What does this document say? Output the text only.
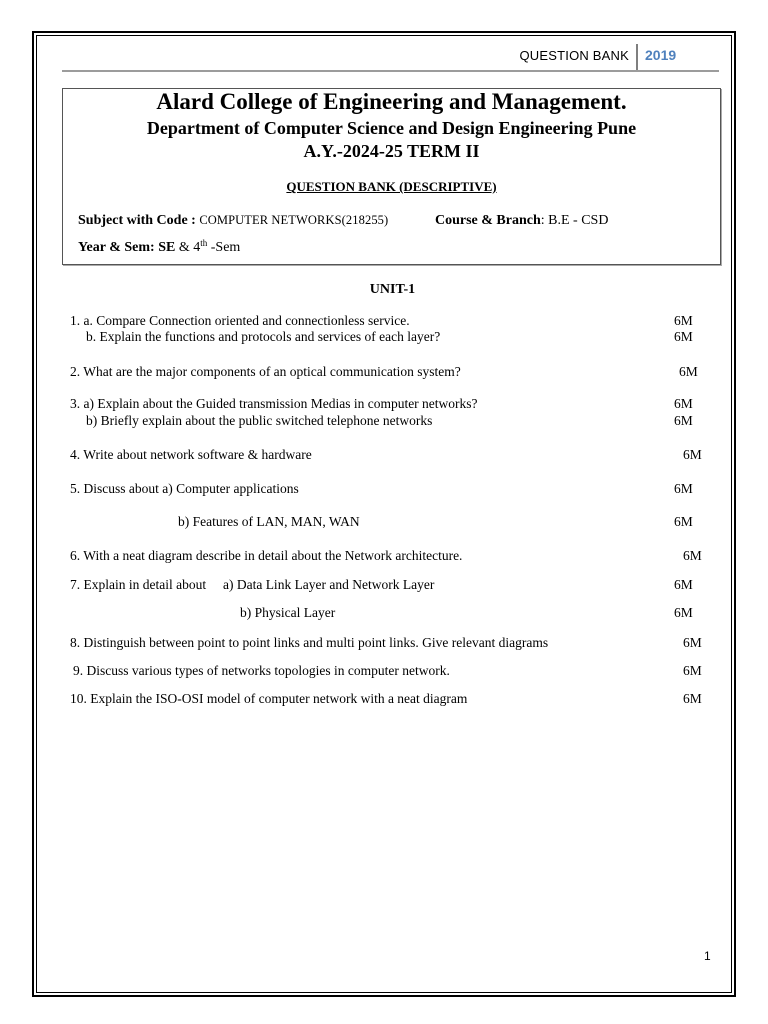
QUESTION BANK 2019
Alard College of Engineering and Management.
Department of Computer Science and Design Engineering Pune
A.Y.-2024-25 TERM II
QUESTION BANK (DESCRIPTIVE)
Subject with Code : COMPUTER NETWORKS(218255)	Course & Branch: B.E - CSD
Year & Sem: SE & 4th -Sem
UNIT-1
1. a. Compare Connection oriented and connectionless service.	6M
b. Explain the functions and protocols and services of each layer?	6M
2. What are the major components of an optical communication system?	6M
3. a) Explain about the Guided transmission Medias in computer networks?	6M
b) Briefly explain about the public switched telephone networks	6M
4. Write about network software & hardware	6M
5. Discuss about a) Computer applications	6M
b) Features of LAN, MAN, WAN	6M
6. With a neat diagram describe in detail about the Network architecture.	6M
7. Explain in detail about     a) Data Link Layer and Network Layer	6M
b) Physical Layer	6M
8. Distinguish between point to point links and multi point links. Give relevant diagrams	6M
9. Discuss various types of networks topologies in computer network.	6M
10. Explain the ISO-OSI model of computer network with a neat diagram	6M
1
